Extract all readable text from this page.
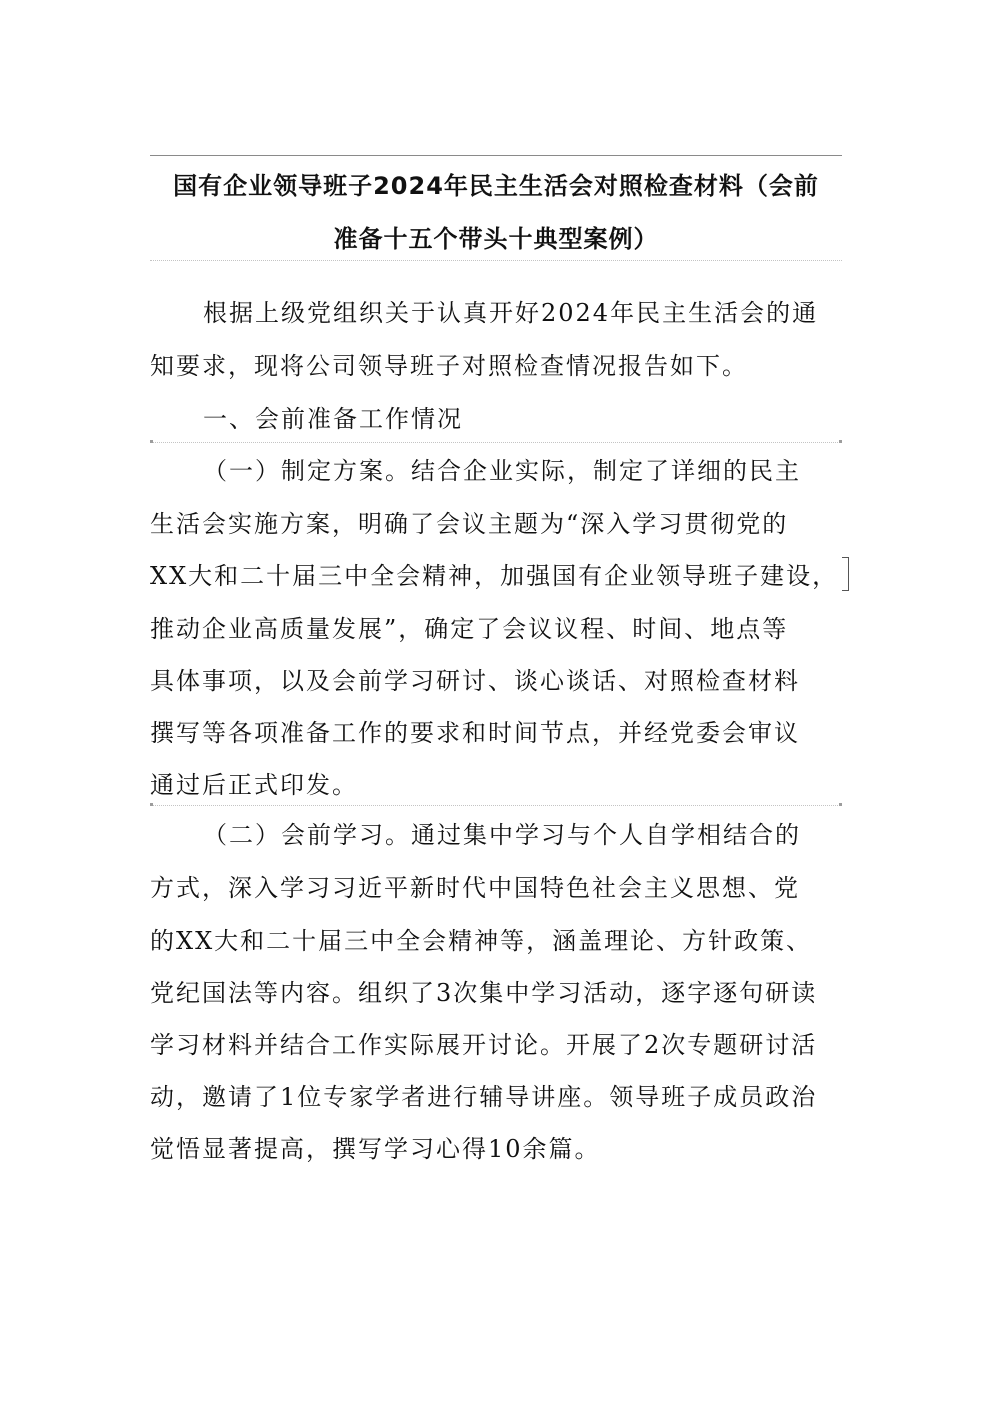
国有企业领导班子2024年民主生活会对照检查材料（会前
准备十五个带头十典型案例）
根据上级党组织关于认真开好2024年民主生活会的通
知要求，现将公司领导班子对照检查情况报告如下。
一、会前准备工作情况
（一）制定方案。结合企业实际，制定了详细的民主
生活会实施方案，明确了会议主题为“深入学习贯彻党的
XX大和二十届三中全会精神，加强国有企业领导班子建设，
推动企业高质量发展”，确定了会议议程、时间、地点等
具体事项，以及会前学习研讨、谈心谈话、对照检查材料
撰写等各项准备工作的要求和时间节点，并经党委会审议
通过后正式印发。
（二）会前学习。通过集中学习与个人自学相结合的
方式，深入学习习近平新时代中国特色社会主义思想、党
的XX大和二十届三中全会精神等，涵盖理论、方针政策、
党纪国法等内容。组织了3次集中学习活动，逐字逐句研读
学习材料并结合工作实际展开讨论。开展了2次专题研讨活
动，邀请了1位专家学者进行辅导讲座。领导班子成员政治
觉悟显著提高，撰写学习心得10余篇。
